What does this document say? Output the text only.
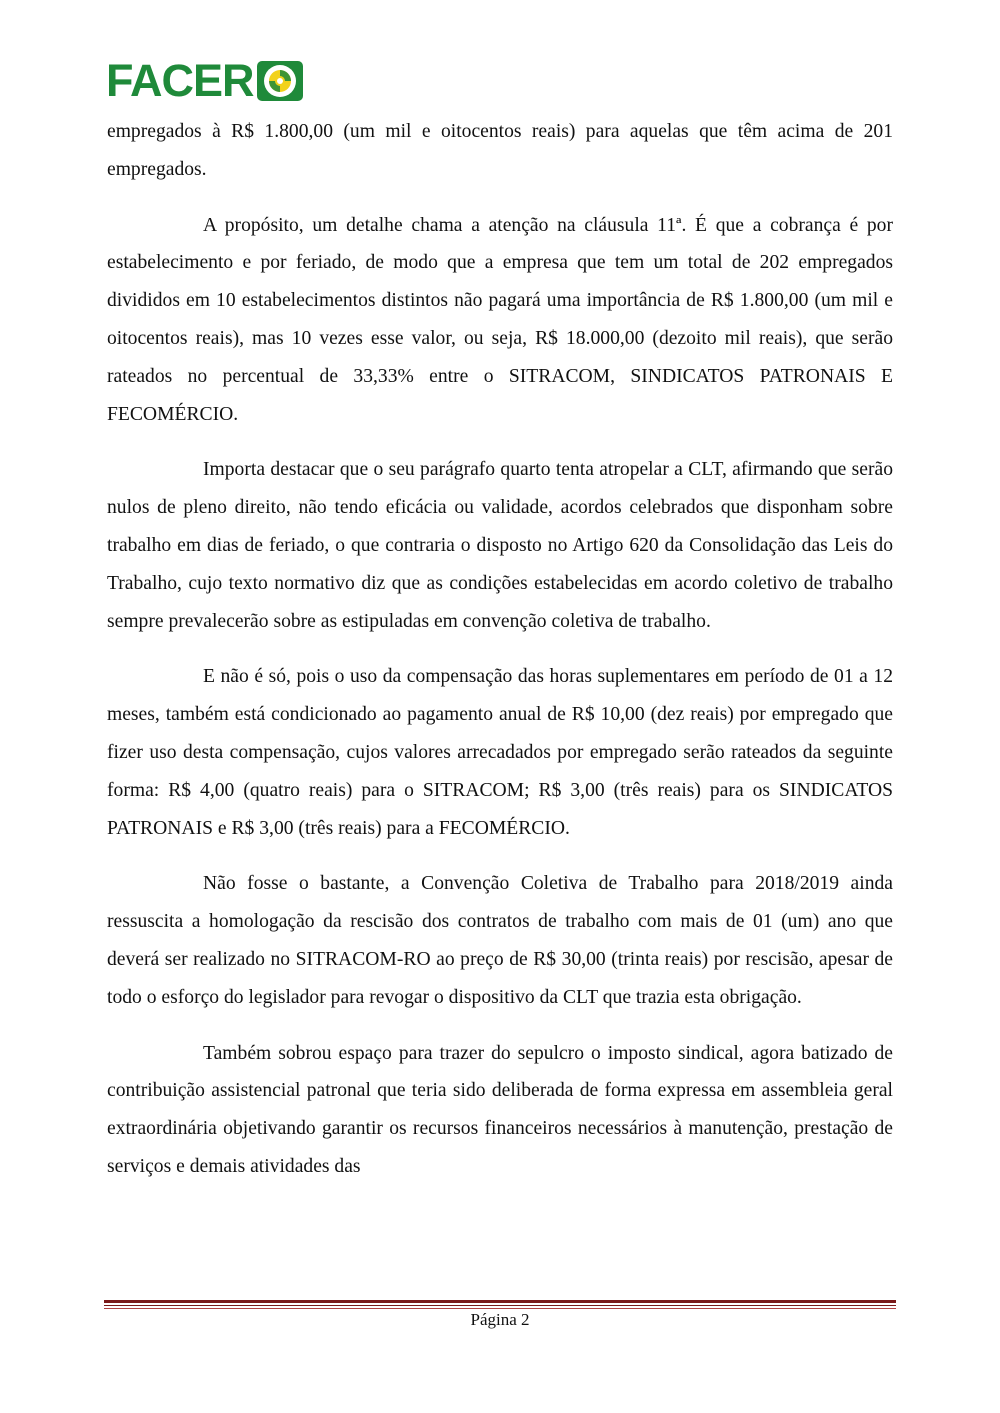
FACER

empregados à R$ 1.800,00 (um mil e oitocentos reais) para aquelas que têm acima de 201 empregados.

A propósito, um detalhe chama a atenção na cláusula 11ª. É que a cobrança é por estabelecimento e por feriado, de modo que a empresa que tem um total de 202 empregados divididos em 10 estabelecimentos distintos não pagará uma importância de R$ 1.800,00 (um mil e oitocentos reais), mas 10 vezes esse valor, ou seja, R$ 18.000,00 (dezoito mil reais), que serão rateados no percentual de 33,33% entre o SITRACOM, SINDICATOS PATRONAIS E FECOMÉRCIO.

Importa destacar que o seu parágrafo quarto tenta atropelar a CLT, afirmando que serão nulos de pleno direito, não tendo eficácia ou validade, acordos celebrados que disponham sobre trabalho em dias de feriado, o que contraria o disposto no Artigo 620 da Consolidação das Leis do Trabalho, cujo texto normativo diz que as condições estabelecidas em acordo coletivo de trabalho sempre prevalecerão sobre as estipuladas em convenção coletiva de trabalho.

E não é só, pois o uso da compensação das horas suplementares em período de 01 a 12 meses, também está condicionado ao pagamento anual de R$ 10,00 (dez reais) por empregado que fizer uso desta compensação, cujos valores arrecadados por empregado serão rateados da seguinte forma: R$ 4,00 (quatro reais) para o SITRACOM; R$ 3,00 (três reais) para os SINDICATOS PATRONAIS e R$ 3,00 (três reais) para a FECOMÉRCIO.

Não fosse o bastante, a Convenção Coletiva de Trabalho para 2018/2019 ainda ressuscita a homologação da rescisão dos contratos de trabalho com mais de 01 (um) ano que deverá ser realizado no SITRACOM-RO ao preço de R$ 30,00 (trinta reais) por rescisão, apesar de todo o esforço do legislador para revogar o dispositivo da CLT que trazia esta obrigação.

Também sobrou espaço para trazer do sepulcro o imposto sindical, agora batizado de contribuição assistencial patronal que teria sido deliberada de forma expressa em assembleia geral extraordinária objetivando garantir os recursos financeiros necessários à manutenção, prestação de serviços e demais atividades das

Página 2
